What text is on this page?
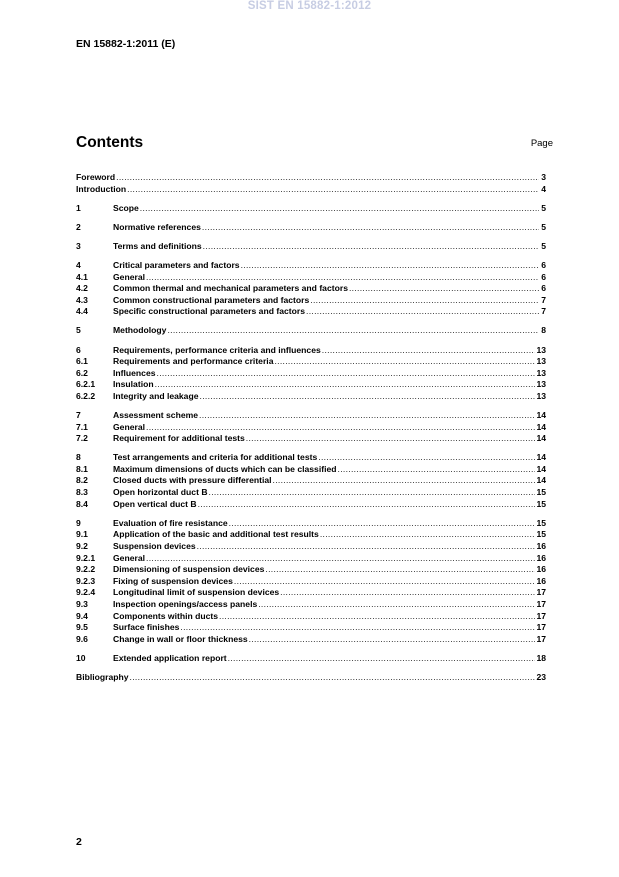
SIST EN 15882-1:2012
EN 15882-1:2011 (E)
Contents	Page
Foreword .....	3
Introduction .....	4
1	Scope .....	5
2	Normative references .....	5
3	Terms and definitions .....	5
4	Critical parameters and factors .....	6
4.1	General .....	6
4.2	Common thermal and mechanical parameters and factors .....	6
4.3	Common constructional parameters and factors .....	7
4.4	Specific constructional parameters and factors .....	7
5	Methodology .....	8
6	Requirements, performance criteria and influences .....	13
6.1	Requirements and performance criteria .....	13
6.2	Influences .....	13
6.2.1	Insulation .....	13
6.2.2	Integrity and leakage .....	13
7	Assessment scheme .....	14
7.1	General .....	14
7.2	Requirement for additional tests .....	14
8	Test arrangements and criteria for additional tests .....	14
8.1	Maximum dimensions of ducts which can be classified .....	14
8.2	Closed ducts with pressure differential .....	14
8.3	Open horizontal duct B .....	15
8.4	Open vertical duct B .....	15
9	Evaluation of fire resistance .....	15
9.1	Application of the basic and additional test results .....	15
9.2	Suspension devices .....	16
9.2.1	General .....	16
9.2.2	Dimensioning of suspension devices .....	16
9.2.3	Fixing of suspension devices .....	16
9.2.4	Longitudinal limit of suspension devices .....	17
9.3	Inspection openings/access panels .....	17
9.4	Components within ducts .....	17
9.5	Surface finishes .....	17
9.6	Change in wall or floor thickness .....	17
10	Extended application report .....	18
Bibliography .....	23
2
